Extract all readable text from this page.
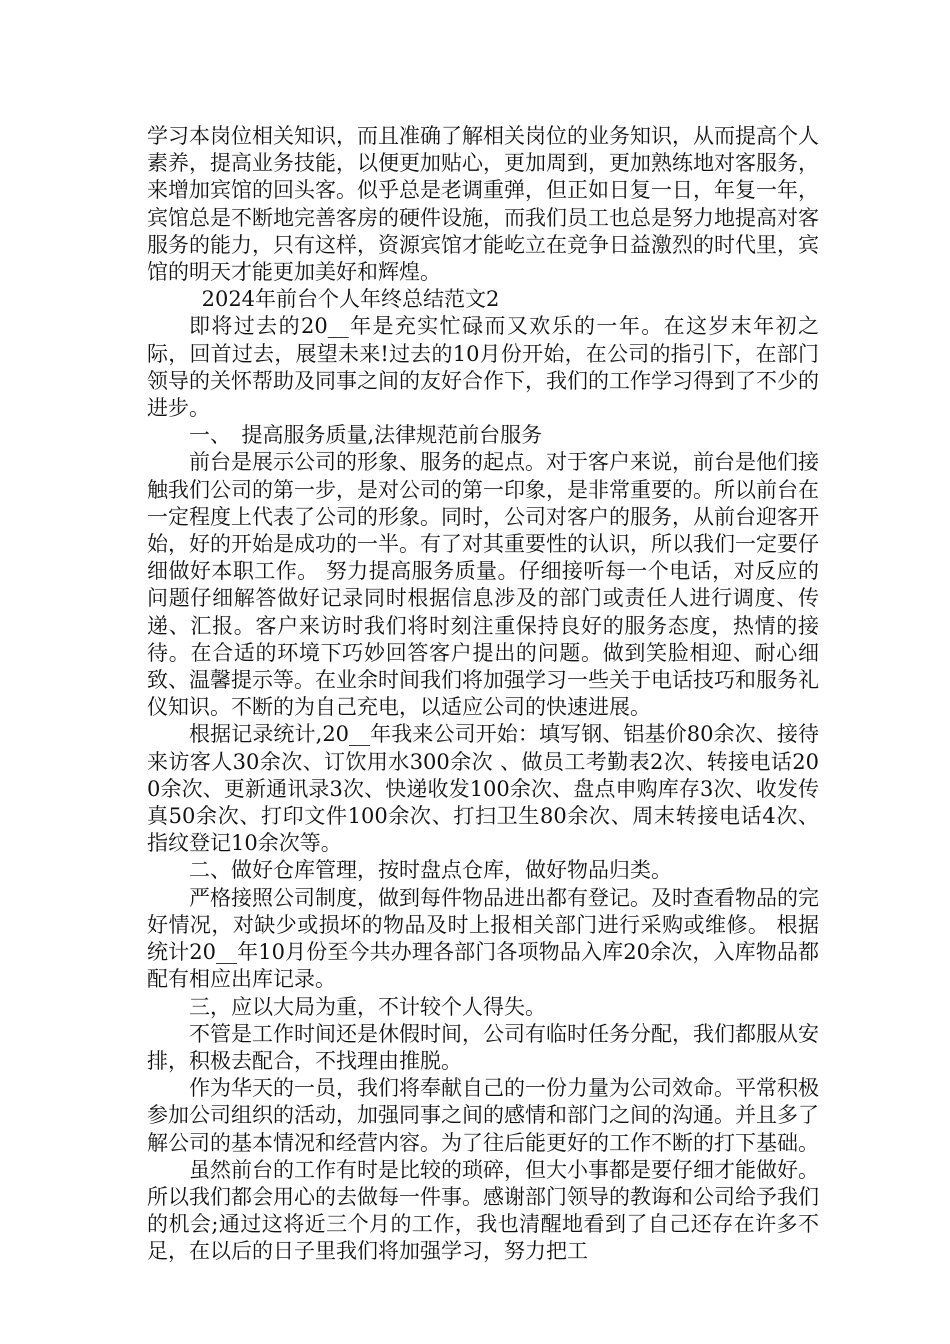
学习本岗位相关知识，而且准确了解相关岗位的业务知识，从而提高个人素养，提高业务技能，以便更加贴心，更加周到，更加熟练地对客服务，来增加宾馆的回头客。似乎总是老调重弹，但正如日复一日，年复一年，宾馆总是不断地完善客房的硬件设施，而我们员工也总是努力地提高对客服务的能力，只有这样，资源宾馆才能屹立在竞争日益激烈的时代里，宾馆的明天才能更加美好和辉煌。

2024年前台个人年终总结范文2

即将过去的20__年是充实忙碌而又欢乐的一年。在这岁末年初之际，回首过去，展望未来!过去的10月份开始，在公司的指引下，在部门领导的关怀帮助及同事之间的友好合作下，我们的工作学习得到了不少的进步。

一、　提高服务质量,法律规范前台服务

前台是展示公司的形象、服务的起点。对于客户来说，前台是他们接触我们公司的第一步，是对公司的第一印象，是非常重要的。所以前台在一定程度上代表了公司的形象。同时，公司对客户的服务，从前台迎客开始，好的开始是成功的一半。有了对其重要性的认识，所以我们一定要仔细做好本职工作。 努力提高服务质量。仔细接听每一个电话，对反应的问题仔细解答做好记录同时根据信息涉及的部门或责任人进行调度、传递、汇报。客户来访时我们将时刻注重保持良好的服务态度，热情的接待。在合适的环境下巧妙回答客户提出的问题。做到笑脸相迎、耐心细致、温馨提示等。在业余时间我们将加强学习一些关于电话技巧和服务礼仪知识。不断的为自己充电，以适应公司的快速进展。

根据记录统计,20__年我来公司开始：填写钢、铝基价80余次、接待来访客人30余次、订饮用水300余次 、做员工考勤表2次、转接电话200余次、更新通讯录3次、快递收发100余次、盘点申购库存3次、收发传真50余次、打印文件100余次、打扫卫生80余次、周末转接电话4次、指纹登记10余次等。

二、做好仓库管理，按时盘点仓库，做好物品归类。

严格接照公司制度，做到每件物品进出都有登记。及时查看物品的完好情况，对缺少或损坏的物品及时上报相关部门进行采购或维修。 根据统计20__年10月份至今共办理各部门各项物品入库20余次，入库物品都配有相应出库记录。

三，应以大局为重，不计较个人得失。

不管是工作时间还是休假时间，公司有临时任务分配，我们都服从安排，积极去配合，不找理由推脱。

作为华天的一员，我们将奉献自己的一份力量为公司效命。平常积极参加公司组织的活动，加强同事之间的感情和部门之间的沟通。并且多了解公司的基本情况和经营内容。为了往后能更好的工作不断的打下基础。

虽然前台的工作有时是比较的琐碎，但大小事都是要仔细才能做好。所以我们都会用心的去做每一件事。感谢部门领导的教诲和公司给予我们的机会;通过这将近三个月的工作，我也清醒地看到了自己还存在许多不足，在以后的日子里我们将加强学习，努力把工
